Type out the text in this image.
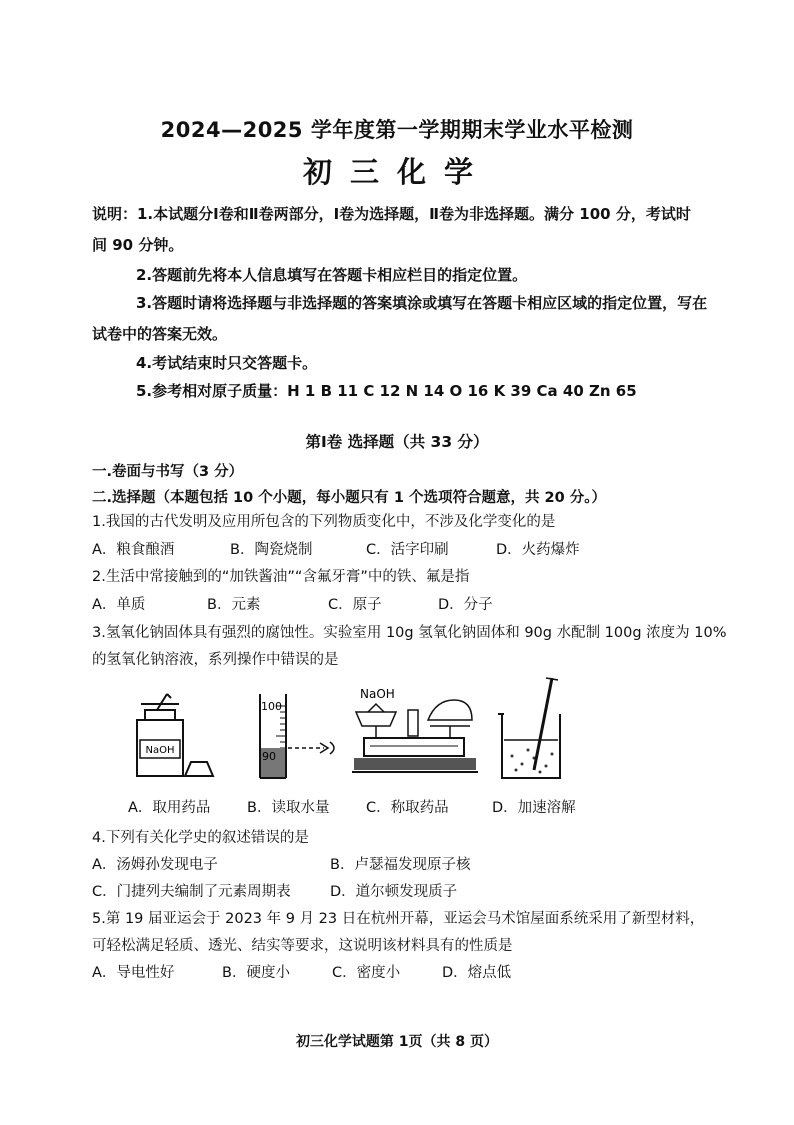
2024—2025 学年度第一学期期末学业水平检测
初三化学
说明：1.本试题分Ⅰ卷和Ⅱ卷两部分，Ⅰ卷为选择题，Ⅱ卷为非选择题。满分 100 分，考试时
间 90 分钟。
2.答题前先将本人信息填写在答题卡相应栏目的指定位置。
3.答题时请将选择题与非选择题的答案填涂或填写在答题卡相应区域的指定位置，写在
试卷中的答案无效。
4.考试结束时只交答题卡。
5.参考相对原子质量：H 1 B 11 C 12 N 14 O 16 K 39 Ca 40 Zn 65
第Ⅰ卷 选择题（共 33 分）
一.卷面与书写（3 分）
二.选择题（本题包括 10 个小题，每小题只有 1 个选项符合题意，共 20 分。）
1.我国的古代发明及应用所包含的下列物质变化中，不涉及化学变化的是
A．粮食酿酒	B．陶瓷烧制	C．活字印刷	D．火药爆炸
2.生活中常接触到的“加铁酱油”“含氟牙膏”中的铁、氟是指
A．单质	B．元素	C．原子	D．分子
3.氢氧化钠固体具有强烈的腐蚀性。实验室用 10g 氢氧化钠固体和 90g 水配制 100g 浓度为 10%
的氢氧化钠溶液，系列操作中错误的是
NaOH
100
90
NaOH
A．取用药品	B．读取水量	C．称取药品	D．加速溶解
4.下列有关化学史的叙述错误的是
A．汤姆孙发现电子	B．卢瑟福发现原子核
C．门捷列夫编制了元素周期表	D．道尔顿发现质子
5.第 19 届亚运会于 2023 年 9 月 23 日在杭州开幕，亚运会马术馆屋面系统采用了新型材料，
可轻松满足轻质、透光、结实等要求，这说明该材料具有的性质是
A．导电性好	B．硬度小	C．密度小	D．熔点低
初三化学试题第 1页（共 8 页）
